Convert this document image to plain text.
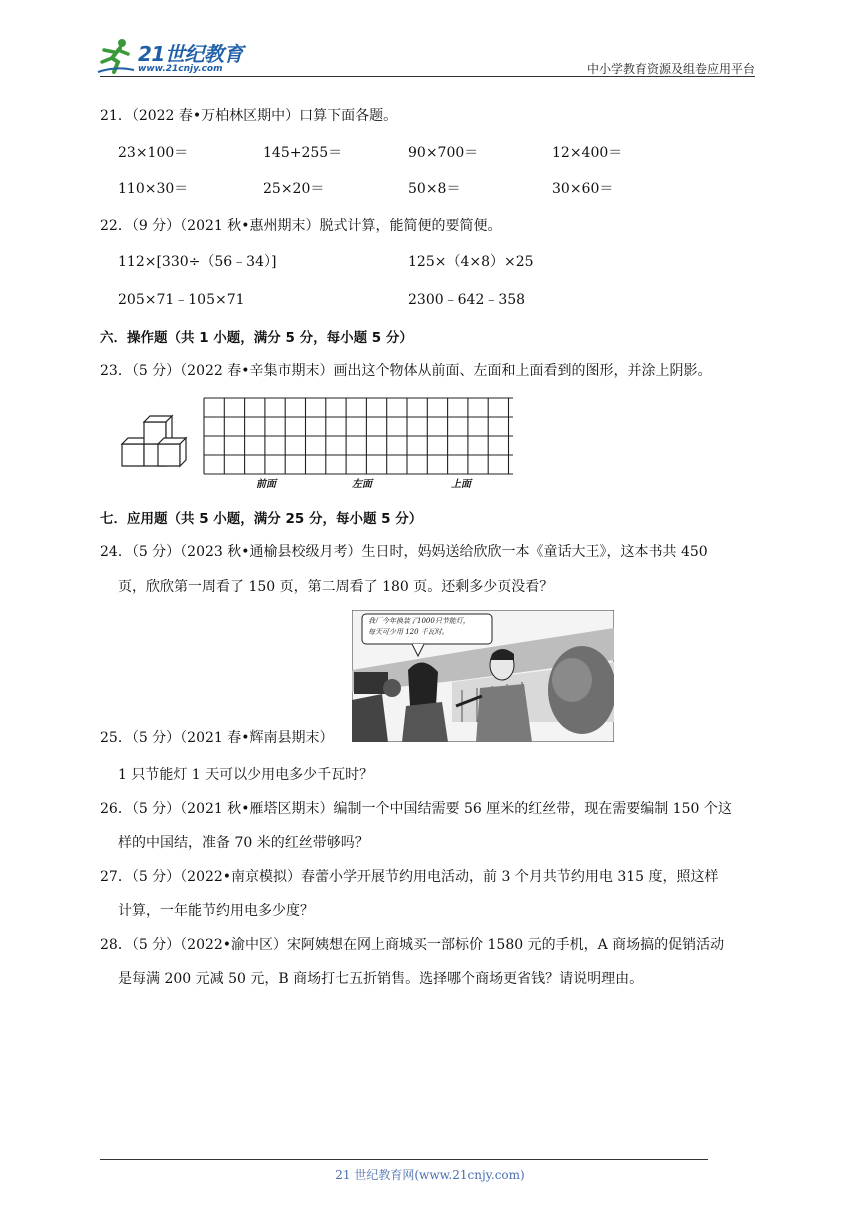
21世纪教育
www.21cnjy.com	中小学教育资源及组卷应用平台
21．（2022 春•万柏林区期中）口算下面各题。
23×100＝	145+255＝	90×700＝	12×400＝
110×30＝	25×20＝	50×8＝	30×60＝
22．（9 分）（2021 秋•惠州期末）脱式计算，能简便的要简便。
112×[330÷（56﹣34）]	125×（4×8）×25
205×71﹣105×71	2300﹣642﹣358
六．操作题（共 1 小题，满分 5 分，每小题 5 分）
23．（5 分）（2022 春•辛集市期末）画出这个物体从前面、左面和上面看到的图形，并涂上阴影。
前面	左面	上面
七．应用题（共 5 小题，满分 25 分，每小题 5 分）
24．（5 分）（2023 秋•通榆县校级月考）生日时，妈妈送给欣欣一本《童话大王》，这本书共 450
页，欣欣第一周看了 150 页，第二周看了 180 页。还剩多少页没看？
我厂今年换装了1000只节能灯，
每天可少用 120 千瓦时。
25．（5 分）（2021 春•辉南县期末）
1 只节能灯 1 天可以少用电多少千瓦时？
26．（5 分）（2021 秋•雁塔区期末）编制一个中国结需要 56 厘米的红丝带，现在需要编制 150 个这
样的中国结，准备 70 米的红丝带够吗？
27．（5 分）（2022•南京模拟）春蕾小学开展节约用电活动，前 3 个月共节约用电 315 度，照这样
计算，一年能节约用电多少度？
28．（5 分）（2022•渝中区）宋阿姨想在网上商城买一部标价 1580 元的手机，A 商场搞的促销活动
是每满 200 元减 50 元，B 商场打七五折销售。选择哪个商场更省钱？请说明理由。
21 世纪教育网(www.21cnjy.com)
